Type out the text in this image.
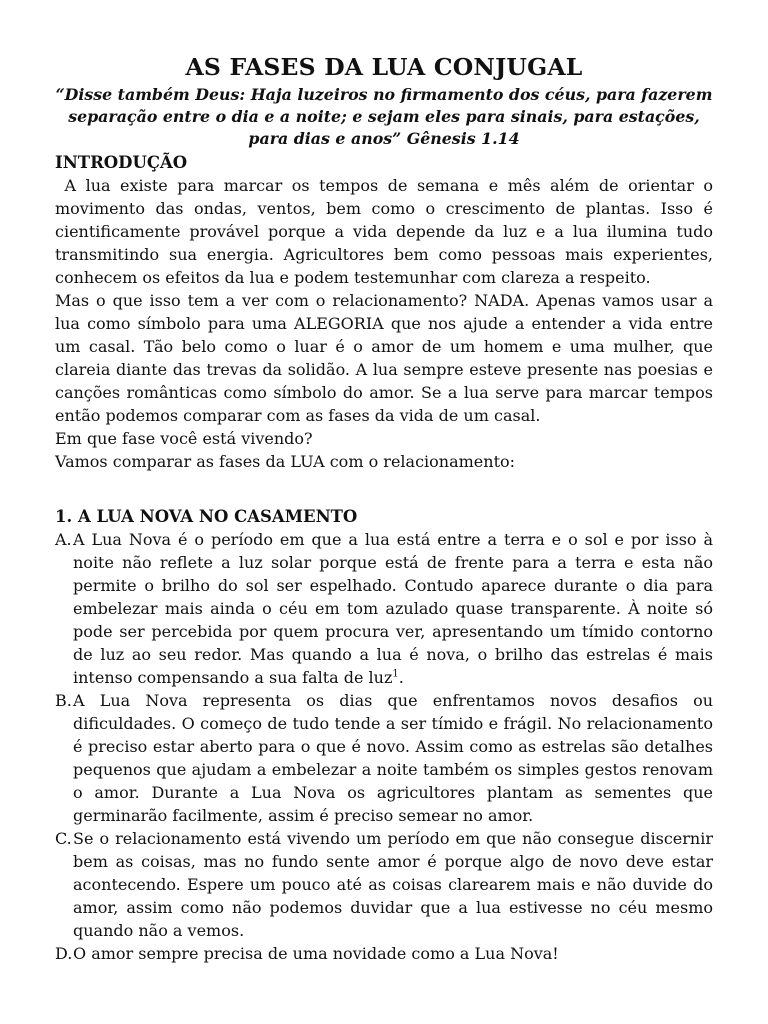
AS FASES DA LUA CONJUGAL

“Disse também Deus: Haja luzeiros no firmamento dos céus, para fazerem separação entre o dia e a noite; e sejam eles para sinais, para estações, para dias e anos” Gênesis 1.14

INTRODUÇÃO

A lua existe para marcar os tempos de semana e mês além de orientar o movimento das ondas, ventos, bem como o crescimento de plantas. Isso é cientificamente provável porque a vida depende da luz e a lua ilumina tudo transmitindo sua energia. Agricultores bem como pessoas mais experientes, conhecem os efeitos da lua e podem testemunhar com clareza a respeito.

Mas o que isso tem a ver com o relacionamento? NADA. Apenas vamos usar a lua como símbolo para uma ALEGORIA que nos ajude a entender a vida entre um casal. Tão belo como o luar é o amor de um homem e uma mulher, que clareia diante das trevas da solidão. A lua sempre esteve presente nas poesias e canções românticas como símbolo do amor. Se a lua serve para marcar tempos então podemos comparar com as fases da vida de um casal.

Em que fase você está vivendo?

Vamos comparar as fases da LUA com o relacionamento:

1. A LUA NOVA NO CASAMENTO
A. A Lua Nova é o período em que a lua está entre a terra e o sol e por isso à noite não reflete a luz solar porque está de frente para a terra e esta não permite o brilho do sol ser espelhado. Contudo aparece durante o dia para embelezar mais ainda o céu em tom azulado quase transparente. À noite só pode ser percebida por quem procura ver, apresentando um tímido contorno de luz ao seu redor. Mas quando a lua é nova, o brilho das estrelas é mais intenso compensando a sua falta de luz$^1$.
B. A Lua Nova representa os dias que enfrentamos novos desafios ou dificuldades. O começo de tudo tende a ser tímido e frágil. No relacionamento é preciso estar aberto para o que é novo. Assim como as estrelas são detalhes pequenos que ajudam a embelezar a noite também os simples gestos renovam o amor. Durante a Lua Nova os agricultores plantam as sementes que germinarão facilmente, assim é preciso semear no amor.
C. Se o relacionamento está vivendo um período em que não consegue discernir bem as coisas, mas no fundo sente amor é porque algo de novo deve estar acontecendo. Espere um pouco até as coisas clarearem mais e não duvide do amor, assim como não podemos duvidar que a lua estivesse no céu mesmo quando não a vemos.
D. O amor sempre precisa de uma novidade como a Lua Nova!
